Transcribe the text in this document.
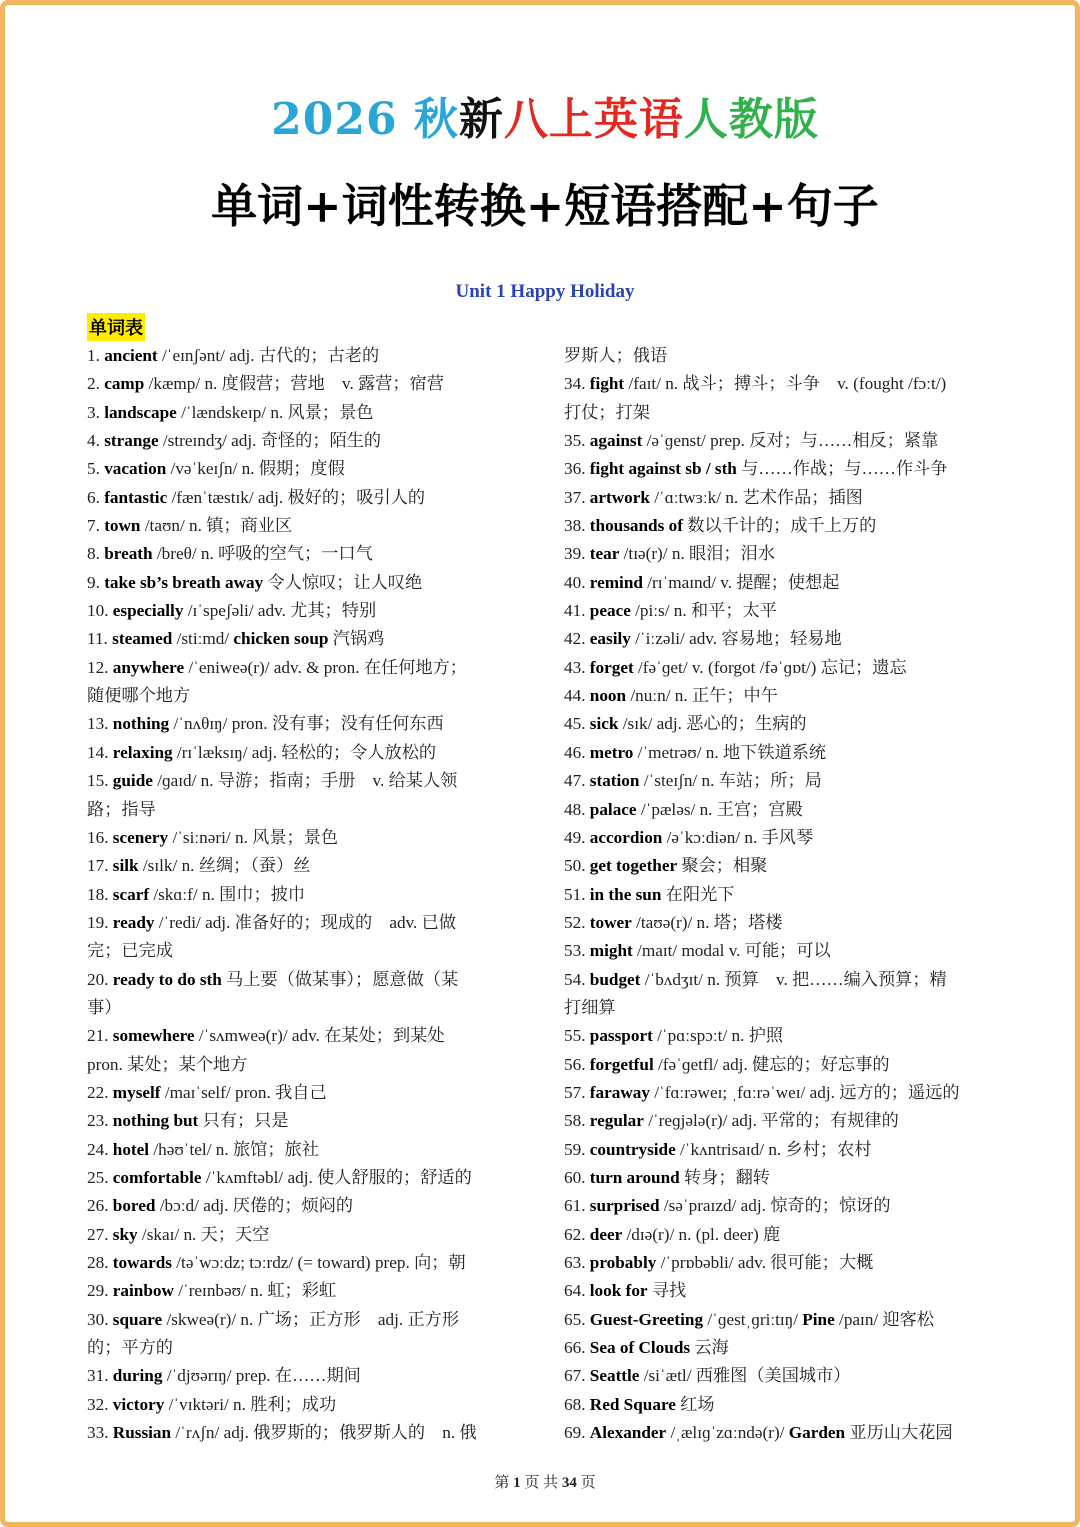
2026 秋新八上英语人教版
单词+词性转换+短语搭配+句子
Unit 1 Happy Holiday
单词表
1. ancient /ˈeɪnʃənt/ adj. 古代的；古老的
2. camp /kæmp/ n. 度假营；营地　v. 露营；宿营
3. landscape /ˈlændskeɪp/ n. 风景；景色
4. strange /streɪndʒ/ adj. 奇怪的；陌生的
5. vacation /vəˈkeɪʃn/ n. 假期；度假
6. fantastic /fænˈtæstɪk/ adj. 极好的；吸引人的
7. town /taʊn/ n. 镇；商业区
8. breath /breθ/ n. 呼吸的空气；一口气
9. take sb’s breath away 令人惊叹；让人叹绝
10. especially /ɪˈspeʃəli/ adv. 尤其；特别
11. steamed /stiːmd/ chicken soup 汽锅鸡
12. anywhere /ˈeniweə(r)/ adv. & pron. 在任何地方；
随便哪个地方
13. nothing /ˈnʌθɪŋ/ pron. 没有事；没有任何东西
14. relaxing /rɪˈlæksɪŋ/ adj. 轻松的；令人放松的
15. guide /ɡaɪd/ n. 导游；指南；手册　v. 给某人领
路；指导
16. scenery /ˈsiːnəri/ n. 风景；景色
17. silk /sɪlk/ n. 丝绸；（蚕）丝
18. scarf /skɑːf/ n. 围巾；披巾
19. ready /ˈredi/ adj. 准备好的；现成的　adv. 已做
完；已完成
20. ready to do sth 马上要（做某事）；愿意做（某
事）
21. somewhere /ˈsʌmweə(r)/ adv. 在某处；到某处
pron. 某处；某个地方
22. myself /maɪˈself/ pron. 我自己
23. nothing but 只有；只是
24. hotel /həʊˈtel/ n. 旅馆；旅社
25. comfortable /ˈkʌmftəbl/ adj. 使人舒服的；舒适的
26. bored /bɔːd/ adj. 厌倦的；烦闷的
27. sky /skaɪ/ n. 天；天空
28. towards /təˈwɔːdz; tɔːrdz/ (= toward) prep. 向；朝
29. rainbow /ˈreɪnbəʊ/ n. 虹；彩虹
30. square /skweə(r)/ n. 广场；正方形　adj. 正方形
的；平方的
31. during /ˈdjʊərɪŋ/ prep. 在……期间
32. victory /ˈvɪktəri/ n. 胜利；成功
33. Russian /ˈrʌʃn/ adj. 俄罗斯的；俄罗斯人的　n. 俄
罗斯人；俄语
34. fight /faɪt/ n. 战斗；搏斗；斗争　v. (fought /fɔːt/)
打仗；打架
35. against /əˈɡenst/ prep. 反对；与……相反；紧靠
36. fight against sb / sth 与……作战；与……作斗争
37. artwork /ˈɑːtwɜːk/ n. 艺术作品；插图
38. thousands of 数以千计的；成千上万的
39. tear /tɪə(r)/ n. 眼泪；泪水
40. remind /rɪˈmaɪnd/ v. 提醒；使想起
41. peace /piːs/ n. 和平；太平
42. easily /ˈiːzəli/ adv. 容易地；轻易地
43. forget /fəˈɡet/ v. (forgot /fəˈɡɒt/) 忘记；遗忘
44. noon /nuːn/ n. 正午；中午
45. sick /sɪk/ adj. 恶心的；生病的
46. metro /ˈmetrəʊ/ n. 地下铁道系统
47. station /ˈsteɪʃn/ n. 车站；所；局
48. palace /ˈpæləs/ n. 王宫；宫殿
49. accordion /əˈkɔːdiən/ n. 手风琴
50. get together 聚会；相聚
51. in the sun 在阳光下
52. tower /taʊə(r)/ n. 塔；塔楼
53. might /maɪt/ modal v. 可能；可以
54. budget /ˈbʌdʒɪt/ n. 预算　v. 把……编入预算；精
打细算
55. passport /ˈpɑːspɔːt/ n. 护照
56. forgetful /fəˈɡetfl/ adj. 健忘的；好忘事的
57. faraway /ˈfɑːrəweɪ; ˌfɑːrəˈweɪ/ adj. 远方的；遥远的
58. regular /ˈreɡjələ(r)/ adj. 平常的；有规律的
59. countryside /ˈkʌntrisaɪd/ n. 乡村；农村
60. turn around 转身；翻转
61. surprised /səˈpraɪzd/ adj. 惊奇的；惊讶的
62. deer /dɪə(r)/ n. (pl. deer) 鹿
63. probably /ˈprɒbəbli/ adv. 很可能；大概
64. look for 寻找
65. Guest-Greeting /ˈɡestˌɡriːtɪŋ/ Pine /paɪn/ 迎客松
66. Sea of Clouds 云海
67. Seattle /siˈætl/ 西雅图（美国城市）
68. Red Square 红场
69. Alexander /ˌælɪɡˈzɑːndə(r)/ Garden 亚历山大花园
第 1 页 共 34 页
